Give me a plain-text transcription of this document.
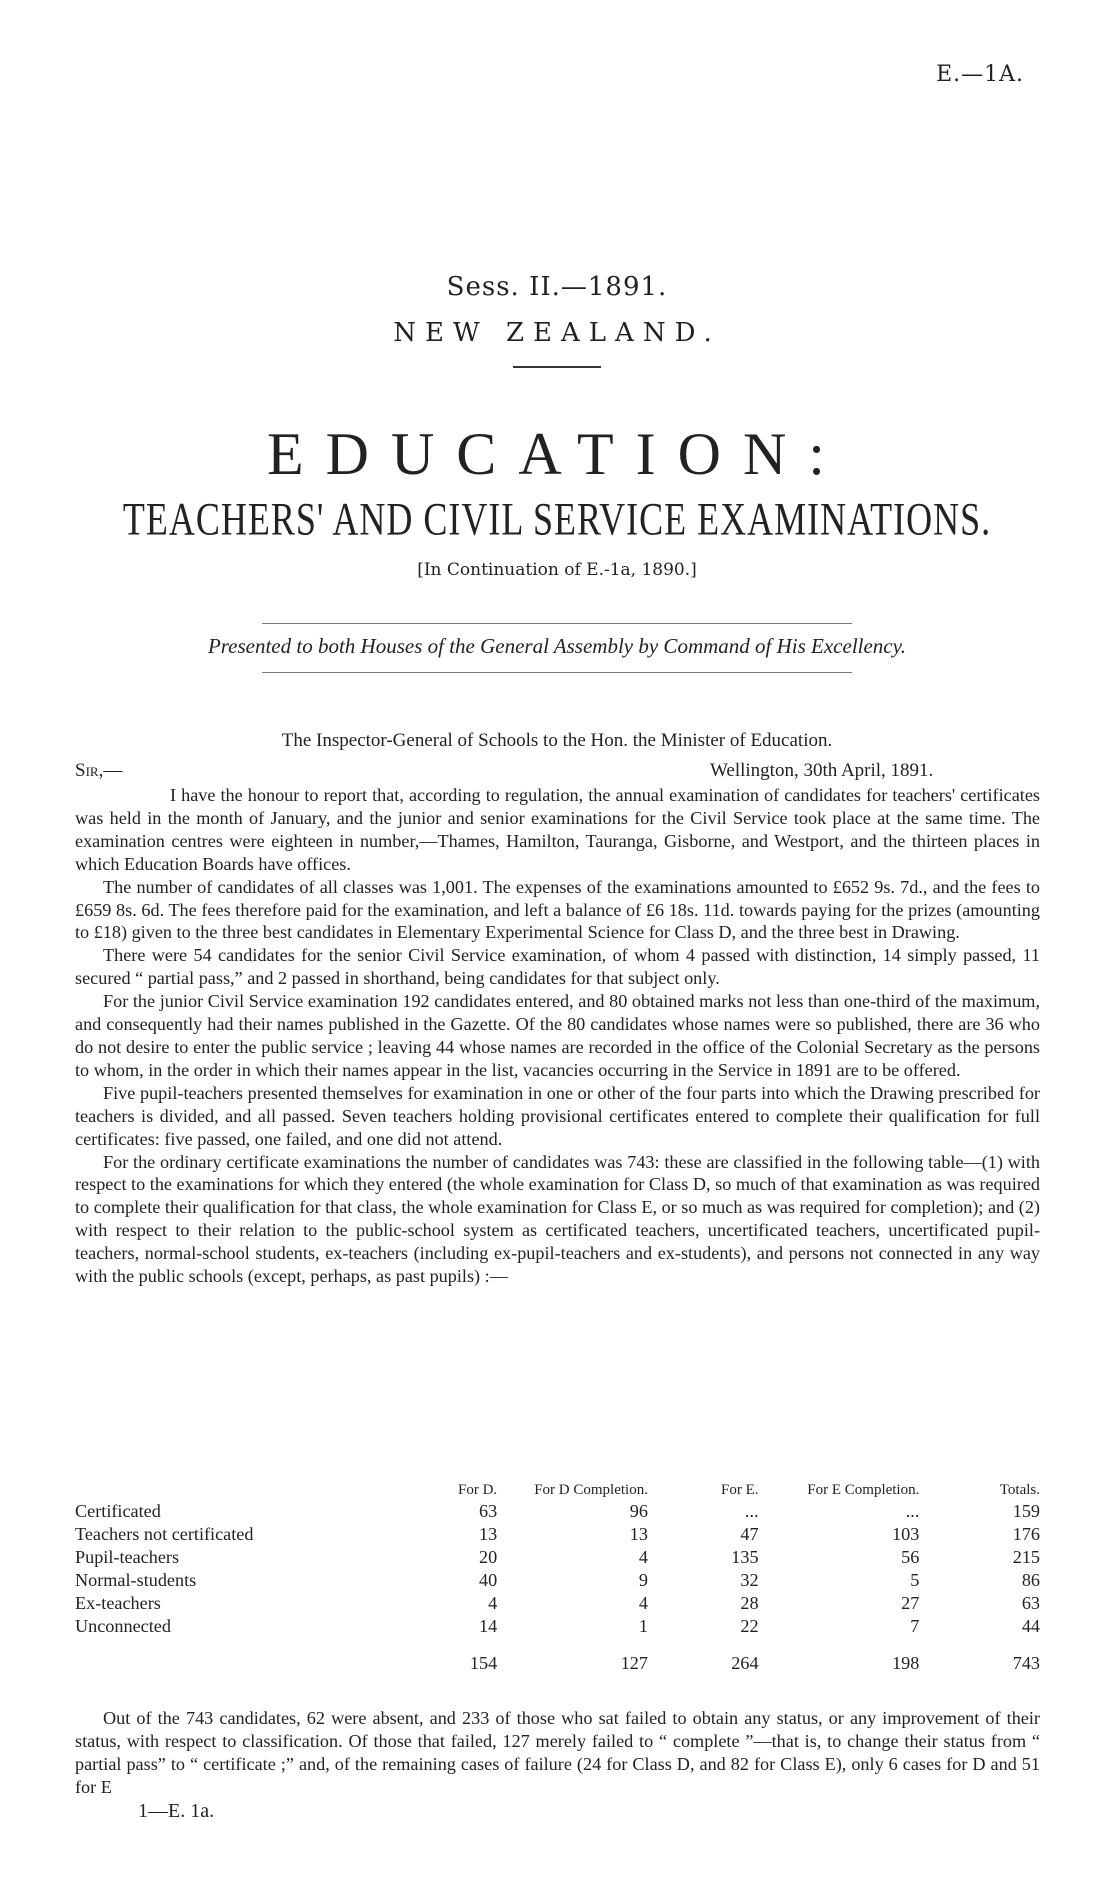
E.—1A.
Sess. II.—1891.
NEW ZEALAND.
EDUCATION:
TEACHERS' AND CIVIL SERVICE EXAMINATIONS.
[In Continuation of E.-1a, 1890.]
Presented to both Houses of the General Assembly by Command of His Excellency.
The Inspector-General of Schools to the Hon. the Minister of Education.
Sir,—	Wellington, 30th April, 1891.

I have the honour to report that, according to regulation, the annual examination of candidates for teachers' certificates was held in the month of January, and the junior and senior examinations for the Civil Service took place at the same time. The examination centres were eighteen in number,—Thames, Hamilton, Tauranga, Gisborne, and Westport, and the thirteen places in which Education Boards have offices.

The number of candidates of all classes was 1,001. The expenses of the examinations amounted to £652 9s. 7d., and the fees to £659 8s. 6d. The fees therefore paid for the examination, and left a balance of £6 18s. 11d. towards paying for the prizes (amounting to £18) given to the three best candidates in Elementary Experimental Science for Class D, and the three best in Drawing.

There were 54 candidates for the senior Civil Service examination, of whom 4 passed with distinction, 14 simply passed, 11 secured “ partial pass,” and 2 passed in shorthand, being candidates for that subject only.

For the junior Civil Service examination 192 candidates entered, and 80 obtained marks not less than one-third of the maximum, and consequently had their names published in the Gazette. Of the 80 candidates whose names were so published, there are 36 who do not desire to enter the public service ; leaving 44 whose names are recorded in the office of the Colonial Secretary as the persons to whom, in the order in which their names appear in the list, vacancies occurring in the Service in 1891 are to be offered.

Five pupil-teachers presented themselves for examination in one or other of the four parts into which the Drawing prescribed for teachers is divided, and all passed. Seven teachers holding provisional certificates entered to complete their qualification for full certificates: five passed, one failed, and one did not attend.

For the ordinary certificate examinations the number of candidates was 743: these are classified in the following table—(1) with respect to the examinations for which they entered (the whole examination for Class D, so much of that examination as was required to complete their qualification for that class, the whole examination for Class E, or so much as was required for completion); and (2) with respect to their relation to the public-school system as certificated teachers, uncertificated teachers, uncertificated pupil-teachers, normal-school students, ex-teachers (including ex-pupil-teachers and ex-students), and persons not connected in any way with the public schools (except, perhaps, as past pupils) :—

	For D.	For D Completion.	For E.	For E Completion.	Totals.
Certificated	63	96	...	...	159
Teachers not certificated	13	13	47	103	176
Pupil-teachers	20	4	135	56	215
Normal-students	40	9	32	5	86
Ex-teachers	4	4	28	27	63
Unconnected	14	1	22	7	44
	154	127	264	198	743

Out of the 743 candidates, 62 were absent, and 233 of those who sat failed to obtain any status, or any improvement of their status, with respect to classification. Of those that failed, 127 merely failed to “ complete ”—that is, to change their status from “ partial pass” to “ certificate ;” and, of the remaining cases of failure (24 for Class D, and 82 for Class E), only 6 cases for D and 51 for E

1—E. 1a.
